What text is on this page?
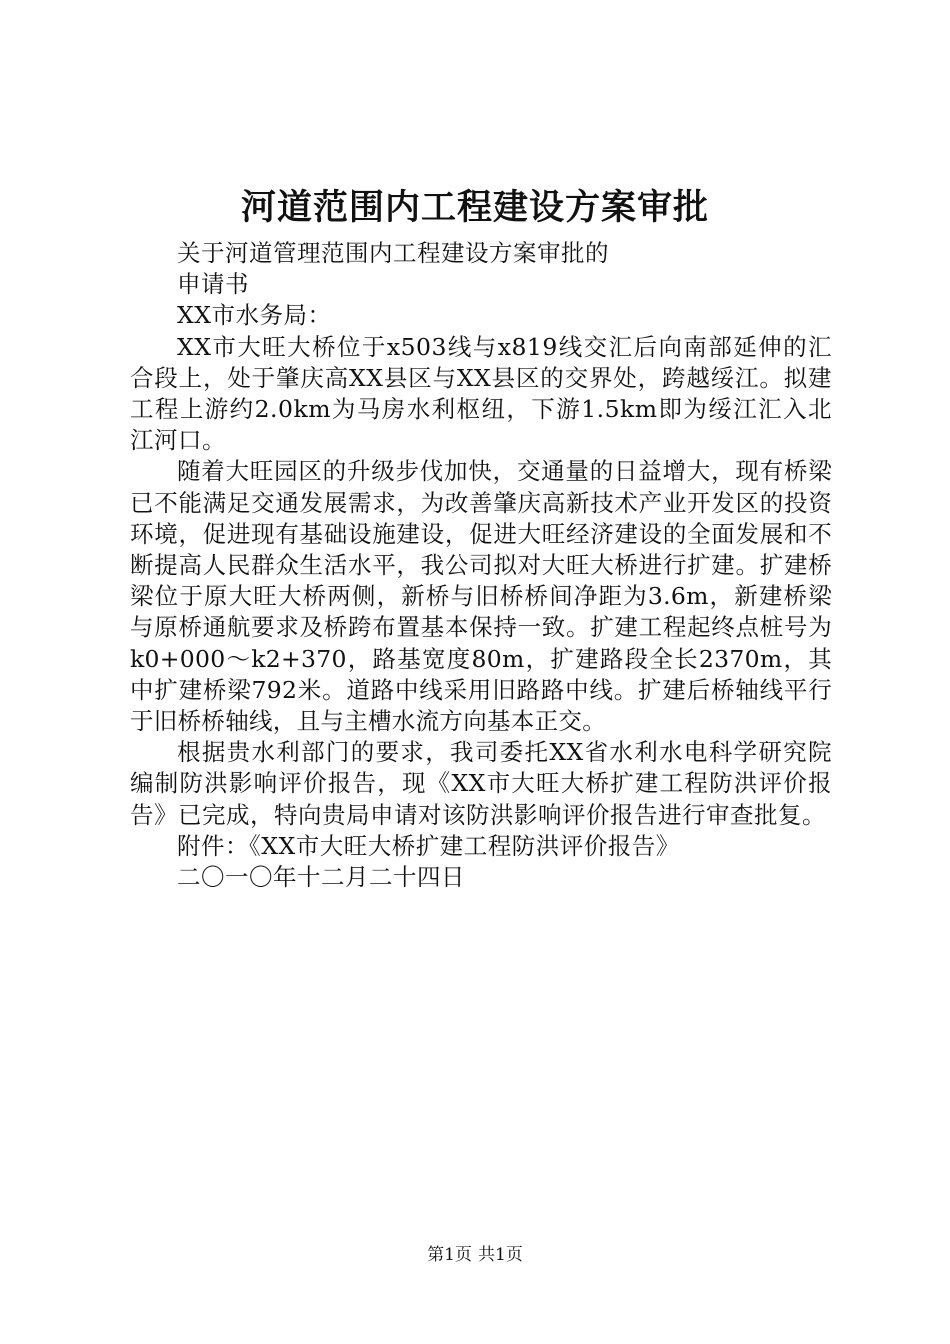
河道范围内工程建设方案审批

关于河道管理范围内工程建设方案审批的

申请书

XX市水务局：

XX市大旺大桥位于x503线与x819线交汇后向南部延伸的汇合段上，处于肇庆高XX县区与XX县区的交界处，跨越绥江。拟建工程上游约2.0km为马房水利枢纽，下游1.5km即为绥江汇入北江河口。

随着大旺园区的升级步伐加快，交通量的日益增大，现有桥梁已不能满足交通发展需求，为改善肇庆高新技术产业开发区的投资环境，促进现有基础设施建设，促进大旺经济建设的全面发展和不断提高人民群众生活水平，我公司拟对大旺大桥进行扩建。扩建桥梁位于原大旺大桥两侧，新桥与旧桥桥间净距为3.6m，新建桥梁与原桥通航要求及桥跨布置基本保持一致。扩建工程起终点桩号为k0+000～k2+370，路基宽度80m，扩建路段全长2370m，其中扩建桥梁792米。道路中线采用旧路路中线。扩建后桥轴线平行于旧桥桥轴线，且与主槽水流方向基本正交。

根据贵水利部门的要求，我司委托XX省水利水电科学研究院编制防洪影响评价报告，现《XX市大旺大桥扩建工程防洪评价报告》已完成，特向贵局申请对该防洪影响评价报告进行审查批复。

附件：《XX市大旺大桥扩建工程防洪评价报告》

二〇一〇年十二月二十四日

第1页 共1页
